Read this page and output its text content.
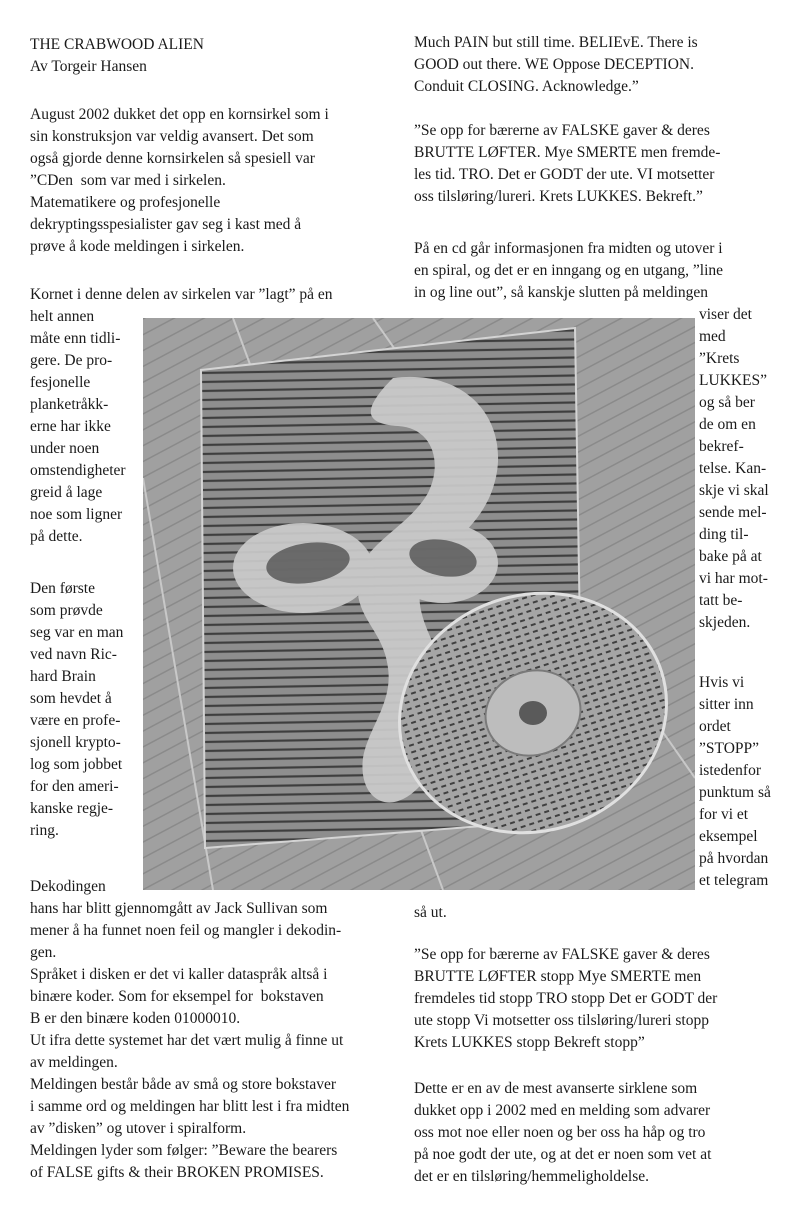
THE CRABWOOD ALIEN
Av Torgeir Hansen
August 2002 dukket det opp en kornsirkel som i
sin konstruksjon var veldig avansert. Det som
også gjorde denne kornsirkelen så spesiell var
”CDen  som var med i sirkelen.
Matematikere og profesjonelle
dekryptingsspesialister gav seg i kast med å
prøve å kode meldingen i sirkelen.
Kornet i denne delen av sirkelen var ”lagt” på en
helt annen
måte enn tidli-
gere. De pro-
fesjonelle
planketråkk-
erne har ikke
under noen
omstendigheter
greid å lage
noe som ligner
på dette.
Den første
som prøvde
seg var en man
ved navn Ric-
hard Brain
som hevdet å
være en profe-
sjonell krypto-
log som jobbet
for den ameri-
kanske regje-
ring.
Dekodingen
hans har blitt gjennomgått av Jack Sullivan som
mener å ha funnet noen feil og mangler i dekodin-
gen.
Språket i disken er det vi kaller dataspråk altså i
binære koder. Som for eksempel for  bokstaven
B er den binære koden 01000010.
Ut ifra dette systemet har det vært mulig å finne ut
av meldingen.
Meldingen består både av små og store bokstaver
i samme ord og meldingen har blitt lest i fra midten
av ”disken” og utover i spiralform.
Meldingen lyder som følger: ”Beware the bearers
of FALSE gifts & their BROKEN PROMISES.
Much PAIN but still time. BELIEvE. There is
GOOD out there. WE Oppose DECEPTION.
Conduit CLOSING. Acknowledge.”
”Se opp for bærerne av FALSKE gaver & deres
BRUTTE LØFTER. Mye SMERTE men fremde-
les tid. TRO. Det er GODT der ute. VI motsetter
oss tilsløring/lureri. Krets LUKKES. Bekreft.”
På en cd går informasjonen fra midten og utover i
en spiral, og det er en inngang og en utgang, ”line
in og line out”, så kanskje slutten på meldingen
viser det
med
”Krets
LUKKES”
og så ber
de om en
bekref-
telse. Kan-
skje vi skal
sende mel-
ding til-
bake på at
vi har mot-
tatt be-
skjeden.
Hvis vi
sitter inn
ordet
”STOPP”
istedenfor
punktum så
for vi et
eksempel
på hvordan
et telegram
så ut.
”Se opp for bærerne av FALSKE gaver & deres
BRUTTE LØFTER stopp Mye SMERTE men
fremdeles tid stopp TRO stopp Det er GODT der
ute stopp Vi motsetter oss tilsløring/lureri stopp
Krets LUKKES stopp Bekreft stopp”
Dette er en av de mest avanserte sirklene som
dukket opp i 2002 med en melding som advarer
oss mot noe eller noen og ber oss ha håp og tro
på noe godt der ute, og at det er noen som vet at
det er en tilsløring/hemmeligholdelse.
